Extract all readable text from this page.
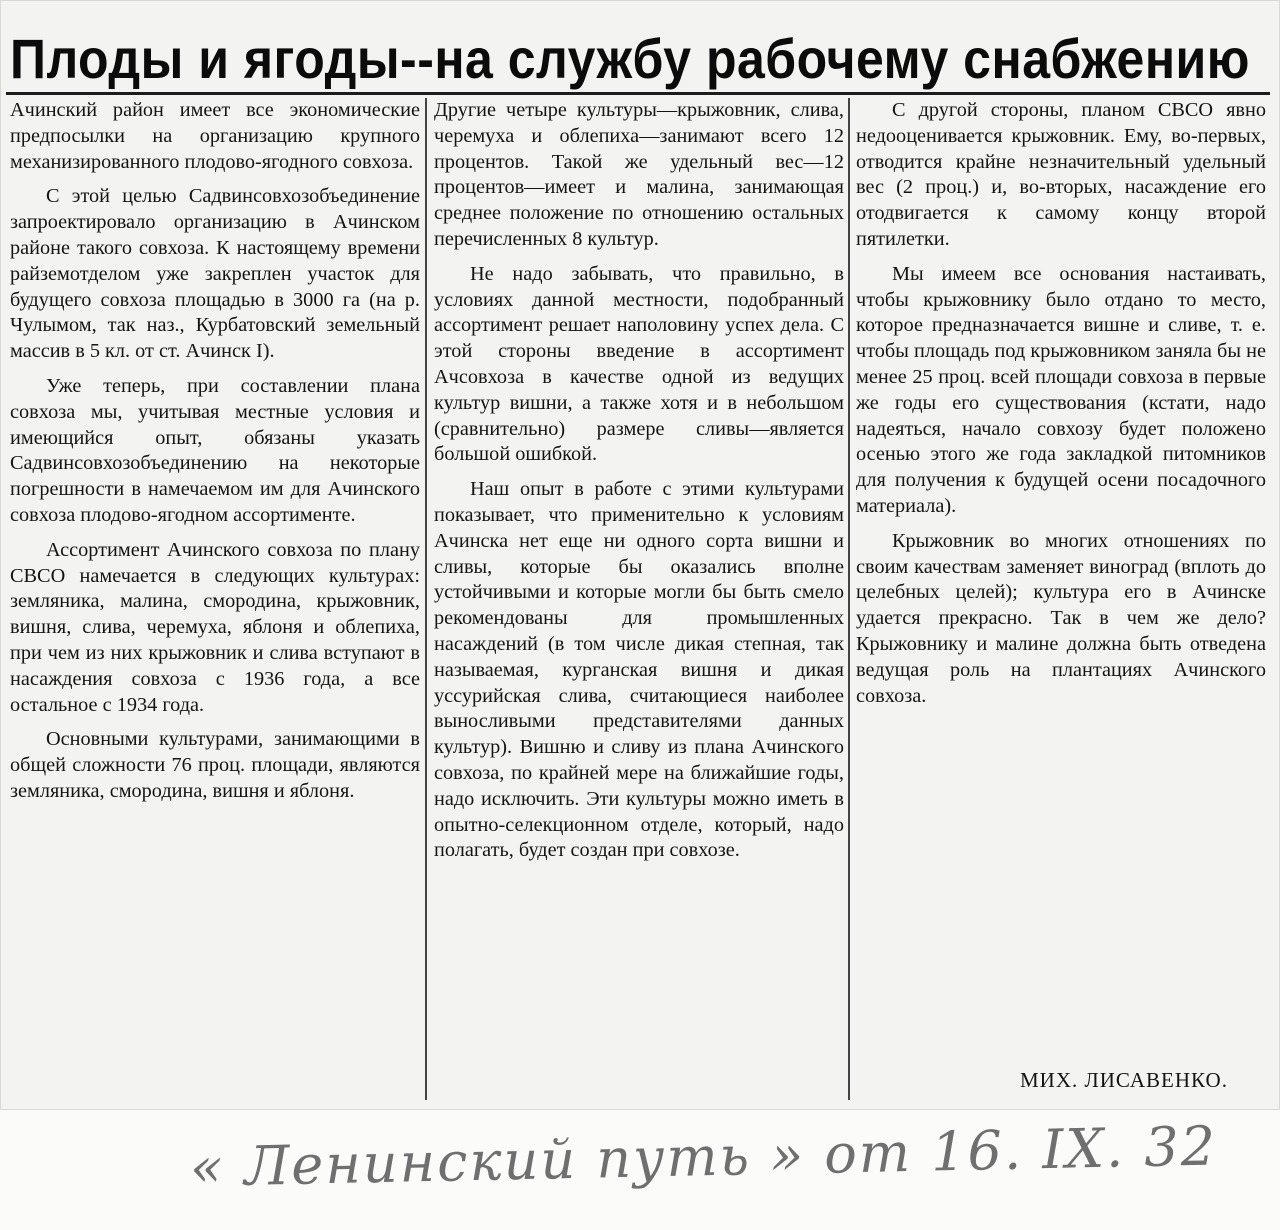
Плоды и ягоды--на службу рабочему снабжению

Ачинский район имеет все экономические предпосылки на организацию крупного механизированного плодово-ягодного совхоза.

С этой целью Садвинсовхозобъединение запроектировало организацию в Ачинском районе такого совхоза. К настоящему времени райземотделом уже закреплен участок для будущего совхоза площадью в 3000 га (на р. Чулымом, так наз., Курбатовский земельный массив в 5 кл. от ст. Ачинск I).

Уже теперь, при составлении плана совхоза мы, учитывая местные условия и имеющийся опыт, обязаны указать Садвинсовхозобъединению на некоторые погрешности в намечаемом им для Ачинского совхоза плодово-ягодном ассортименте.

Ассортимент Ачинского совхоза по плану СВСО намечается в следующих культурах: земляника, малина, смородина, крыжовник, вишня, слива, черемуха, яблоня и облепиха, при чем из них крыжовник и слива вступают в насаждения совхоза с 1936 года, а все остальное с 1934 года.

Основными культурами, занимающими в общей сложности 76 проц. площади, являются земляника, смородина, вишня и яблоня.

Другие четыре культуры—крыжовник, слива, черемуха и облепиха—занимают всего 12 процентов. Такой же удельный вес—12 процентов—имеет и малина, занимающая среднее положение по отношению остальных перечисленных 8 культур.

Не надо забывать, что правильно, в условиях данной местности, подобранный ассортимент решает наполовину успех дела. С этой стороны введение в ассортимент Ачсовхоза в качестве одной из ведущих культур вишни, а также хотя и в небольшом (сравнительно) размере сливы—является большой ошибкой.

Наш опыт в работе с этими культурами показывает, что применительно к условиям Ачинска нет еще ни одного сорта вишни и сливы, которые бы оказались вполне устойчивыми и которые могли бы быть смело рекомендованы для промышленных насаждений (в том числе дикая степная, так называемая, курганская вишня и дикая уссурийская слива, считающиеся наиболее выносливыми представителями данных культур). Вишню и сливу из плана Ачинского совхоза, по крайней мере на ближайшие годы, надо исключить. Эти культуры можно иметь в опытно-селекционном отделе, который, надо полагать, будет создан при совхозе.

С другой стороны, планом СВСО явно недооценивается крыжовник. Ему, во-первых, отводится крайне незначительный удельный вес (2 проц.) и, во-вторых, насаждение его отодвигается к самому концу второй пятилетки.

Мы имеем все основания настаивать, чтобы крыжовнику было отдано то место, которое предназначается вишне и сливе, т. е. чтобы площадь под крыжовником заняла бы не менее 25 проц. всей площади совхоза в первые же годы его существования (кстати, надо надеяться, начало совхозу будет положено осенью этого же года закладкой питомников для получения к будущей осени посадочного материала).

Крыжовник во многих отношениях по своим качествам заменяет виноград (вплоть до целебных целей); культура его в Ачинске удается прекрасно. Так в чем же дело? Крыжовнику и малине должна быть отведена ведущая роль на плантациях Ачинского совхоза.

МИХ. ЛИСАВЕНКО.
« Ленинский путь » от 16. IX. 32
